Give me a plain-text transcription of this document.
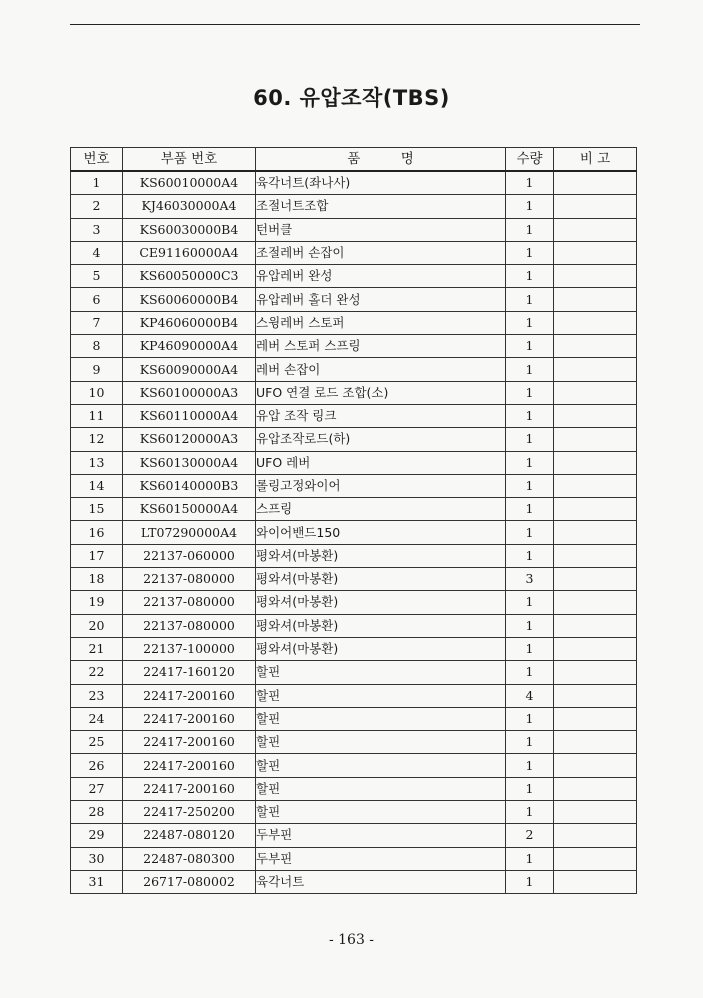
60. 유압조작(TBS)
번호	부품 번호	품　　　명	수량	비 고
1	KS60010000A4	육각너트(좌나사)	1	
2	KJ46030000A4	조절너트조합	1	
3	KS60030000B4	턴버클	1	
4	CE91160000A4	조절레버 손잡이	1	
5	KS60050000C3	유압레버 완성	1	
6	KS60060000B4	유압레버 홀더 완성	1	
7	KP46060000B4	스윙레버 스토퍼	1	
8	KP46090000A4	레버 스토퍼 스프링	1	
9	KS60090000A4	레버 손잡이	1	
10	KS60100000A3	UFO 연결 로드 조합(소)	1	
11	KS60110000A4	유압 조작 링크	1	
12	KS60120000A3	유압조작로드(하)	1	
13	KS60130000A4	UFO 레버	1	
14	KS60140000B3	롤링고정와이어	1	
15	KS60150000A4	스프링	1	
16	LT07290000A4	와이어밴드150	1	
17	22137-060000	평와셔(마봉환)	1	
18	22137-080000	평와셔(마봉환)	3	
19	22137-080000	평와셔(마봉환)	1	
20	22137-080000	평와셔(마봉환)	1	
21	22137-100000	평와셔(마봉환)	1	
22	22417-160120	할핀	1	
23	22417-200160	할핀	4	
24	22417-200160	할핀	1	
25	22417-200160	할핀	1	
26	22417-200160	할핀	1	
27	22417-200160	할핀	1	
28	22417-250200	할핀	1	
29	22487-080120	두부핀	2	
30	22487-080300	두부핀	1	
31	26717-080002	육각너트	1	
- 163 -
